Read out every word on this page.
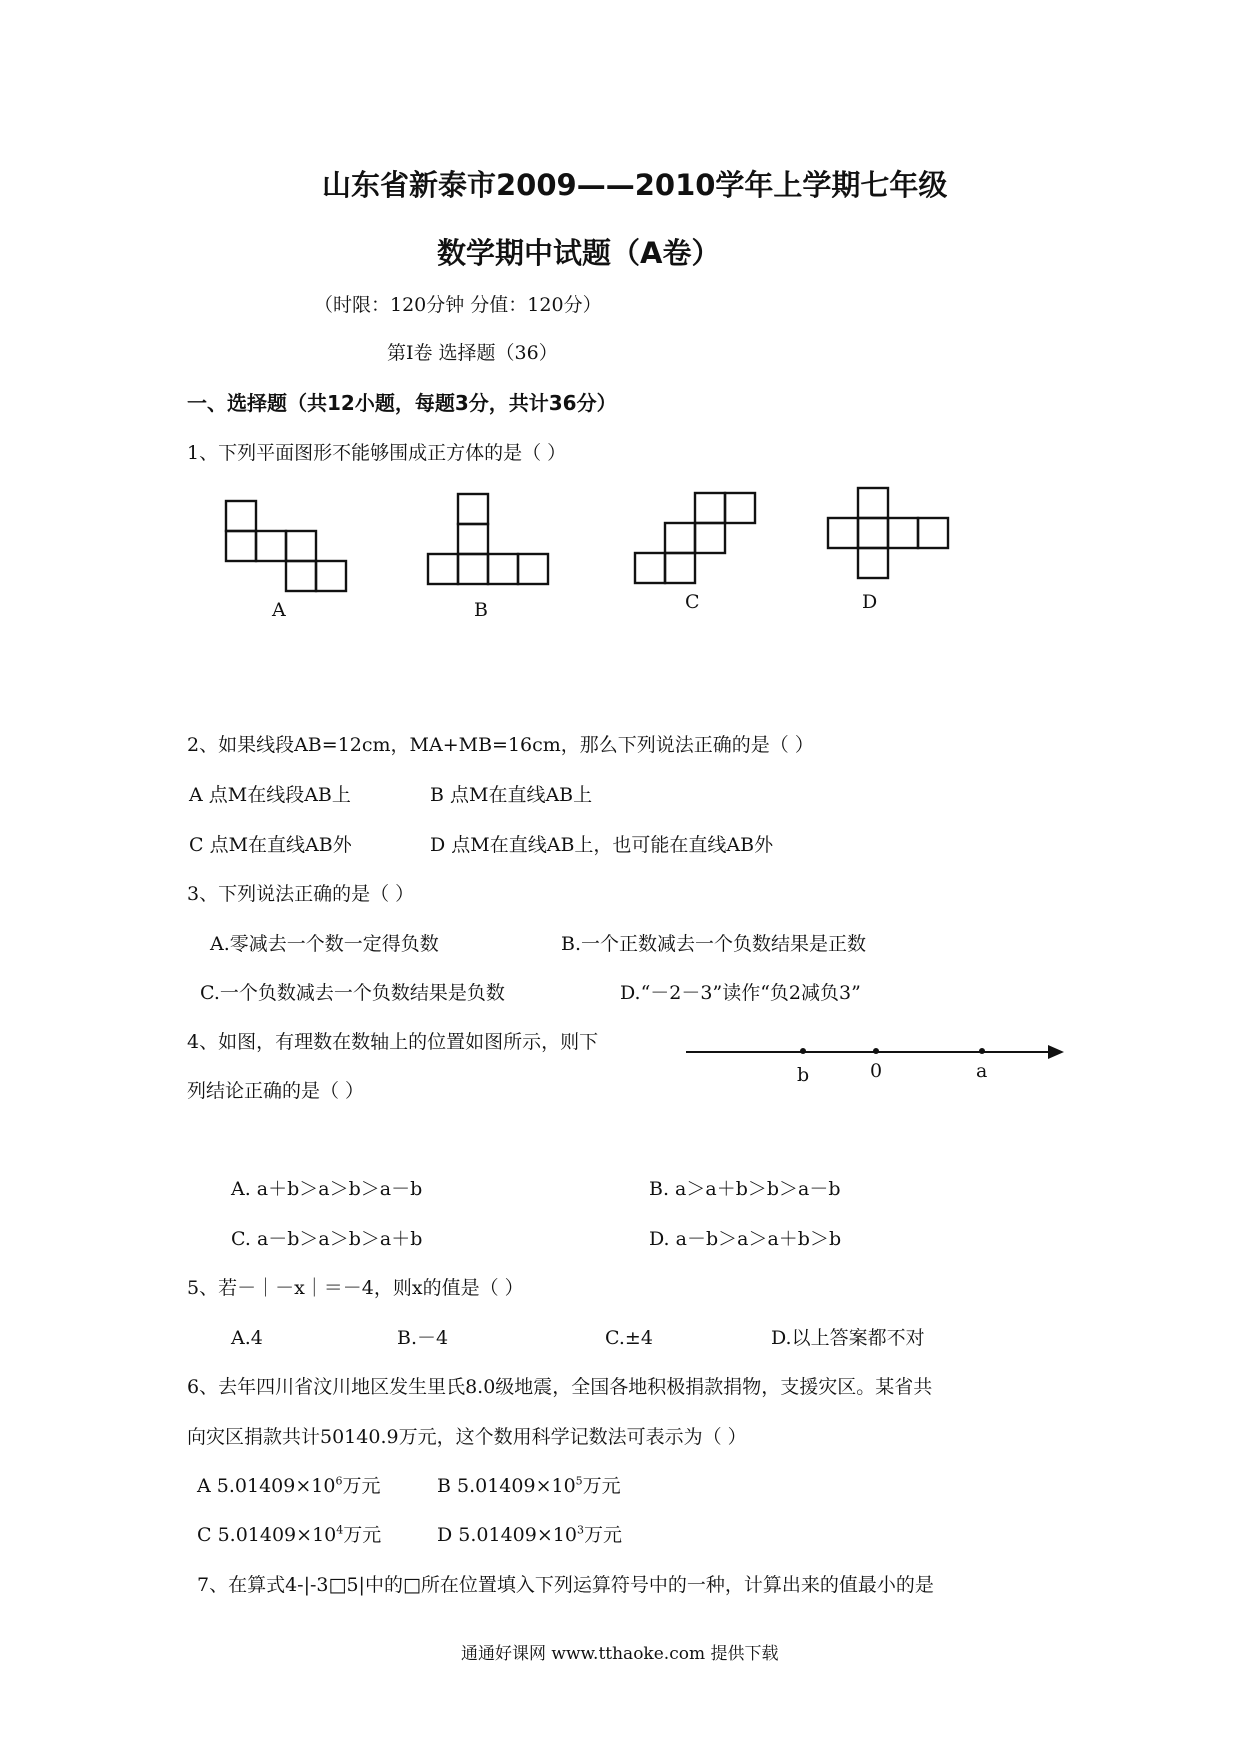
山东省新泰市2009——2010学年上学期七年级
数学期中试题（A卷）
（时限：120分钟 分值：120分）
第Ⅰ卷 选择题（36）
一、选择题（共12小题，每题3分，共计36分）
1、下列平面图形不能够围成正方体的是（ ）
A	B	C	D
b	0	a
2、如果线段AB=12cm，MA+MB=16cm，那么下列说法正确的是（ ）
A 点M在线段AB上	B 点M在直线AB上
C 点M在直线AB外	D 点M在直线AB上，也可能在直线AB外
3、下列说法正确的是（ ）
A.零减去一个数一定得负数	B.一个正数减去一个负数结果是正数
C.一个负数减去一个负数结果是负数	D.“－2－3”读作“负2减负3”
4、如图，有理数在数轴上的位置如图所示，则下
列结论正确的是（ ）
A. a＋b＞a＞b＞a－b	B. a＞a＋b＞b＞a－b
C. a－b＞a＞b＞a＋b	D. a－b＞a＞a＋b＞b
5、若－｜－x｜＝－4，则x的值是（ ）
A.4	B.－4	C.±4	D.以上答案都不对
6、去年四川省汶川地区发生里氏8.0级地震，全国各地积极捐款捐物，支援灾区。某省共
向灾区捐款共计50140.9万元，这个数用科学记数法可表示为（ ）
A $5.01409\times 10^6$万元	B $5.01409\times 10^5$万元
C $5.01409\times 10^4$万元	D $5.01409\times 10^3$万元
7、在算式4-|-3□5|中的□所在位置填入下列运算符号中的一种，计算出来的值最小的是
通通好课网 www.tthaoke.com 提供下载
